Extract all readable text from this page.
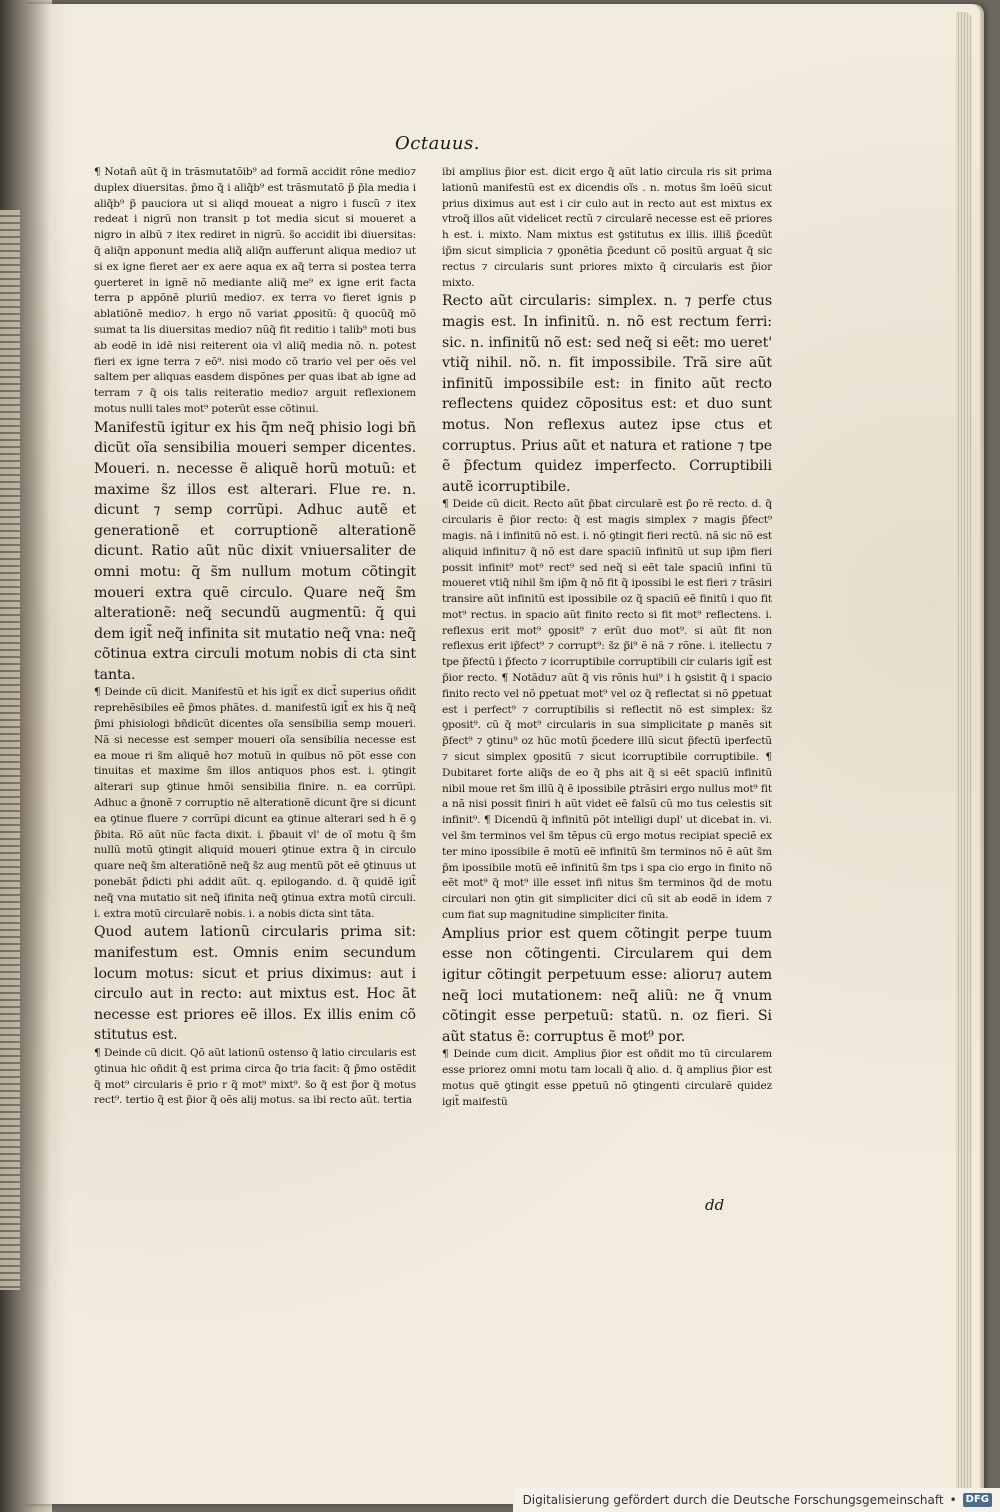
Octauus.

¶ Notañ aũt q̃ in trãsmutatõib⁹ ad formã accidit rõne medio⁊ duplex diuersitas. p̃mo q̃ i aliq̃b⁹ est trãsmutatõ p̃ p̃la media i aliq̃b⁹ p̃ pauciora ut si aliqd moueat a nigro i fuscũ ⁊ itex redeat i nigrũ non transit p tot media sicut si moueret a nigro in albũ ⁊ itex rediret in nigrũ. s̃o accidit ibi diuersitas: q̃ aliq̃n apponunt media aliq̃ aliq̃n aufferunt aliqua medio⁊ ut si ex igne fieret aer ex aere aqua ex aq̃ terra si postea terra ꝯuerteret in ignẽ nõ mediante aliq̃ me⁹ ex igne erit facta terra p appõnẽ pluriũ medio⁊. ex terra vo fieret ignis p ablatiõnẽ medio⁊. h ergo nõ variat ꝓpositũ: q̃ quocũq̃ mõ sumat ta lis diuersitas medio⁊ nũq̃ fit reditio i talib⁹ moti bus ab eodẽ in idẽ nisi reiterent oia vl aliq̃ media nõ. n. potest fieri ex igne terra ⁊ eõ⁹. nisi modo cõ trario vel per oẽs vel saltem per aliquas easdem dispõnes per quas ibat ab igne ad terram ⁊ q̃ ois talis reiteratio medio⁊ arguit reflexionem motus nulli tales mot⁹ poterũt esse cõtinui.

Manifestũ igitur ex his q̃m neq̃ phisio logi bñ dicũt oĩa sensibilia moueri semper dicentes. Moueri. n. necesse ẽ aliquẽ horũ motuũ: et maxime s̃z illos est alterari. Flue re. n. dicunt ⁊ semp corrũpi. Adhuc autẽ et generationẽ et corruptionẽ alterationẽ dicunt. Ratio aũt nũc dixit vniuersaliter de omni motu: q̃ s̃m nullum motum cõtingit moueri extra quẽ circulo. Quare neq̃ s̃m alterationẽ: neq̃ secundũ augmentũ: q̃ qui dem igit̃ neq̃ infinita sit mutatio neq̃ vna: neq̃ cõtinua extra circuli motum nobis di cta sint tanta.

¶ Deinde cũ dicit. Manifestũ et his igit̃ ex dict̃ superius oñdit reprehẽsibiles eẽ p̃mos phãtes. d. manifestũ igit̃ ex his q̃ neq̃ p̃mi phisiologi bñdicũt dicentes oĩa sensibilia semp moueri. Nã si necesse est semper moueri oĩa sensibilia necesse est ea moue ri s̃m aliquẽ ho⁊ motuũ in quibus nõ põt esse con tinuitas et maxime s̃m illos antiquos phos est. i. ꝯtingit alterari sup ꝯtinue hmõi sensibilia finire. n. ea corrũpi. Adhuc a ḡnonẽ ⁊ corruptio nẽ alterationẽ dicunt q̃re si dicunt ea ꝯtinue fluere ⁊ corrũpi dicunt ea ꝯtinue alterari sed h ẽ ꝯ p̃bita. Rõ aũt nũc facta dixit. i. p̃bauit vl' de oĩ motu q̃ s̃m nullũ motũ ꝯtingit aliquid moueri ꝯtinue extra q̃ in circulo quare neq̃ s̃m alteratiõnẽ neq̃ s̃z aug mentũ põt eẽ ꝯtinuus ut ponebãt p̃dicti phi addit aũt. q. epilogando. d. q̃ quidẽ igit̃ neq̃ vna mutatio sit neq̃ ifinita neq̃ ꝯtinua extra motũ circuli. i. extra motũ circularẽ nobis. i. a nobis dicta sint tãta.

Quod autem lationũ circularis prima sit: manifestum est. Omnis enim secundum locum motus: sicut et prius diximus: aut i circulo aut in recto: aut mixtus est. Hoc ãt necesse est priores eẽ illos. Ex illis enim cõ stitutus est.

¶ Deinde cũ dicit. Qõ aũt lationũ ostenso q̃ latio circularis est ꝯtinua hic oñdit q̃ est prima circa q̃o tria facit: q̃ p̃mo ostẽdit q̃ mot⁹ circularis ẽ prio r q̃ mot⁹ mixt⁹. s̃o q̃ est p̃or q̃ motus rect⁹. tertio q̃ est p̃ior q̃ oẽs alij motus. sa ibi recto aũt. tertia

ibi amplius p̃ior est. dicit ergo q̃ aũt latio circula ris sit prima lationũ manifestũ est ex dicendis oĩs . n. motus s̃m loẽũ sicut prius diximus aut est i cir culo aut in recto aut est mixtus ex vtroq̃ illos aũt videlicet rectũ ⁊ circularẽ necesse est eẽ priores h est. i. mixto. Nam mixtus est ꝯstitutus ex illis. illis̃ p̃cedũt ip̃m sicut simplicia ⁊ ꝯponẽtia p̃cedunt cõ positũ arguat q̃ sic rectus ⁊ circularis sunt priores mixto q̃ circularis est p̃ior mixto.

Recto aũt circularis: simplex. n. ⁊ perfe ctus magis est. In infinitũ. n. nõ est rectum ferri: sic. n. infinitũ nõ est: sed neq̃ si eẽt: mo ueret' vtiq̃ nihil. nõ. n. fit impossibile. Trã sire aũt infinitũ impossibile est: in finito aũt recto reflectens quidez cõpositus est: et duo sunt motus. Non reflexus autez ipse ctus et corruptus. Prius aũt et natura et ratione ⁊ tpe ẽ p̃fectum quidez imperfecto. Corruptibili autẽ icorruptibile.

¶ Deide cũ dicit. Recto aũt p̃bat circularẽ est p̃o rẽ recto. d. q̃ circularis ẽ p̃ior recto: q̃ est magis simplex ⁊ magis p̃fect⁹ magis. nã i infinitũ nõ est. i. nõ ꝯtingit fieri rectũ. nã sic nõ est aliquid infinitu⁊ q̃ nõ est dare spaciũ infinitũ ut sup ip̃m fieri possit infinit⁹ mot⁹ rect⁹ sed neq̃ si eẽt tale spaciũ infini tũ moueret vtiq̃ nihil s̃m ip̃m q̃ nõ fit q̃ ipossibi le est fieri ⁊ trãsiri transire aũt infinitũ est ipossibile oz q̃ spaciũ eẽ finitũ i quo fit mot⁹ rectus. in spacio aũt finito recto si fit mot⁹ reflectens. i. reflexus erit mot⁹ ꝯposit⁹ ⁊ erũt duo mot⁹. si aũt fit non reflexus erit ip̃fect⁹ ⁊ corrupt⁹: s̃z p̃i⁹ ẽ nã ⁊ rõne. i. itellectu ⁊ tpe p̃fectũ i p̃fecto ⁊ icorruptibile corruptibili cir cularis igit̃ est p̃ior recto. ¶ Notãdu⁊ aũt q̃ vis rõnis hui⁹ i h ꝯsistit q̃ i spacio finito recto vel nõ ꝑpetuat mot⁹ vel oz q̃ reflectat si nõ ꝑpetuat est i perfect⁹ ⁊ corruptibilis si reflectit nõ est simplex: s̃z ꝯposit⁹. cũ q̃ mot⁹ circularis in sua simplicitate ꝑ manẽs sit p̃fect⁹ ⁊ ꝯtinu⁹ oz hũc motũ p̃cedere illũ sicut p̃fectũ iperfectũ ⁊ sicut simplex ꝯpositũ ⁊ sicut icorruptibile corruptibile. ¶ Dubitaret forte aliq̃s de eo q̃ phs ait q̃ si eẽt spaciũ infinitũ nibil moue ret s̃m illũ q̃ ẽ ipossibile ꝑtrãsiri ergo nullus mot⁹ fit a nã nisi possit finiri h aũt videt eẽ falsũ cũ mo tus celestis sit infinit⁹. ¶ Dicendũ q̃ infinitũ põt intelligi dupl' ut dicebat in. vi. vel s̃m terminos vel s̃m tẽpus cũ ergo motus recipiat speciẽ ex ter mino ipossibile ẽ motũ eẽ infinitũ s̃m terminos nõ ẽ aũt s̃m p̃m ipossibile motũ eẽ infinitũ s̃m tps i spa cio ergo in finito nõ eẽt mot⁹ q̃ mot⁹ ille esset infi nitus s̃m terminos q̃d de motu circulari non ꝯtin git simpliciter dici cũ sit ab eodẽ in idem ⁊ cum fiat sup magnitudine simpliciter finita.

Amplius prior est quem cõtingit perpe tuum esse non cõtingenti. Circularem qui dem igitur cõtingit perpetuum esse: alioru⁊ autem neq̃ loci mutationem: neq̃ aliũ: ne q̃ vnum cõtingit esse perpetuũ: statũ. n. oz fieri. Si aũt status ẽ: corruptus ẽ mot⁹ por.

¶ Deinde cum dicit. Amplius p̃ior est oñdit mo tũ circularem esse priorez omni motu tam locali q̃ alio. d. q̃ amplius p̃ior est motus quẽ ꝯtingit esse ꝑpetuũ nõ ꝯtingenti circularẽ quidez igit̃ maifestũ

dd
Digitalisierung gefördert durch die Deutsche Forschungsgemeinschaft • DFG
